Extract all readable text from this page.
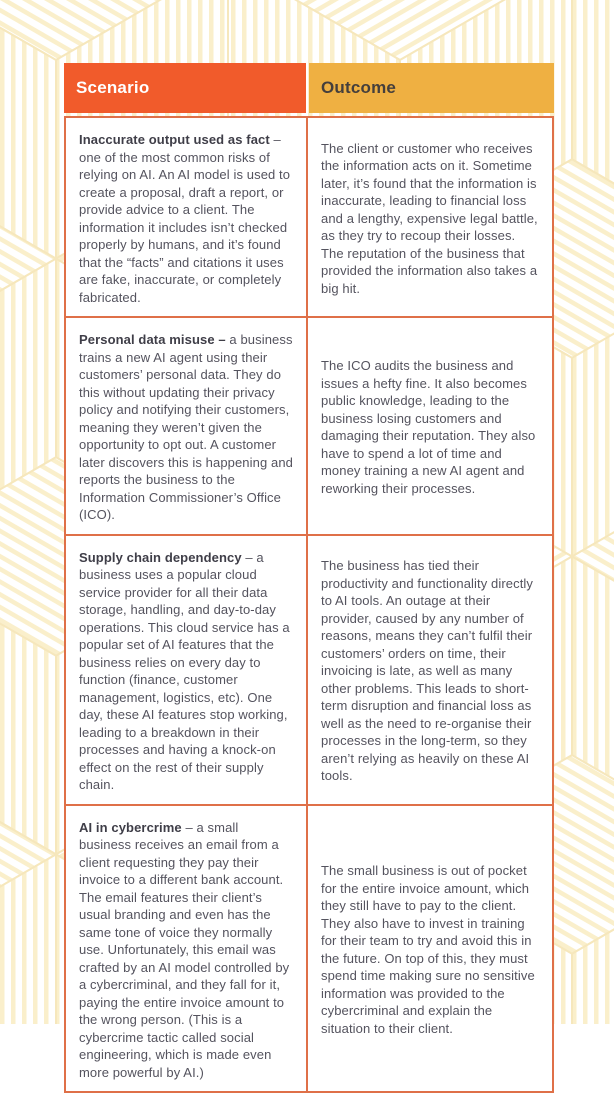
Scenario	Outcome
Inaccurate output used as fact – one of the most common risks of relying on AI. An AI model is used to create a proposal, draft a report, or provide advice to a client. The information it includes isn’t checked properly by humans, and it’s found that the “facts” and citations it uses are fake, inaccurate, or completely fabricated.
The client or customer who receives the information acts on it. Sometime later, it’s found that the information is inaccurate, leading to financial loss and a lengthy, expensive legal battle, as they try to recoup their losses. The reputation of the business that provided the information also takes a big hit.
Personal data misuse – a business trains a new AI agent using their customers’ personal data. They do this without updating their privacy policy and notifying their customers, meaning they weren’t given the opportunity to opt out. A customer later discovers this is happening and reports the business to the Information Commissioner’s Office (ICO).
The ICO audits the business and issues a hefty fine. It also becomes public knowledge, leading to the business losing customers and damaging their reputation. They also have to spend a lot of time and money training a new AI agent and reworking their processes.
Supply chain dependency – a business uses a popular cloud service provider for all their data storage, handling, and day-to-day operations. This cloud service has a popular set of AI features that the business relies on every day to function (finance, customer management, logistics, etc). One day, these AI features stop working, leading to a breakdown in their processes and having a knock-on effect on the rest of their supply chain.
The business has tied their productivity and functionality directly to AI tools. An outage at their provider, caused by any number of reasons, means they can’t fulfil their customers’ orders on time, their invoicing is late, as well as many other problems. This leads to short-term disruption and financial loss as well as the need to re-organise their processes in the long-term, so they aren’t relying as heavily on these AI tools.
AI in cybercrime – a small business receives an email from a client requesting they pay their invoice to a different bank account. The email features their client’s usual branding and even has the same tone of voice they normally use. Unfortunately, this email was crafted by an AI model controlled by a cybercriminal, and they fall for it, paying the entire invoice amount to the wrong person. (This is a cybercrime tactic called social engineering, which is made even more powerful by AI.)
The small business is out of pocket for the entire invoice amount, which they still have to pay to the client. They also have to invest in training for their team to try and avoid this in the future. On top of this, they must spend time making sure no sensitive information was provided to the cybercriminal and explain the situation to their client.
